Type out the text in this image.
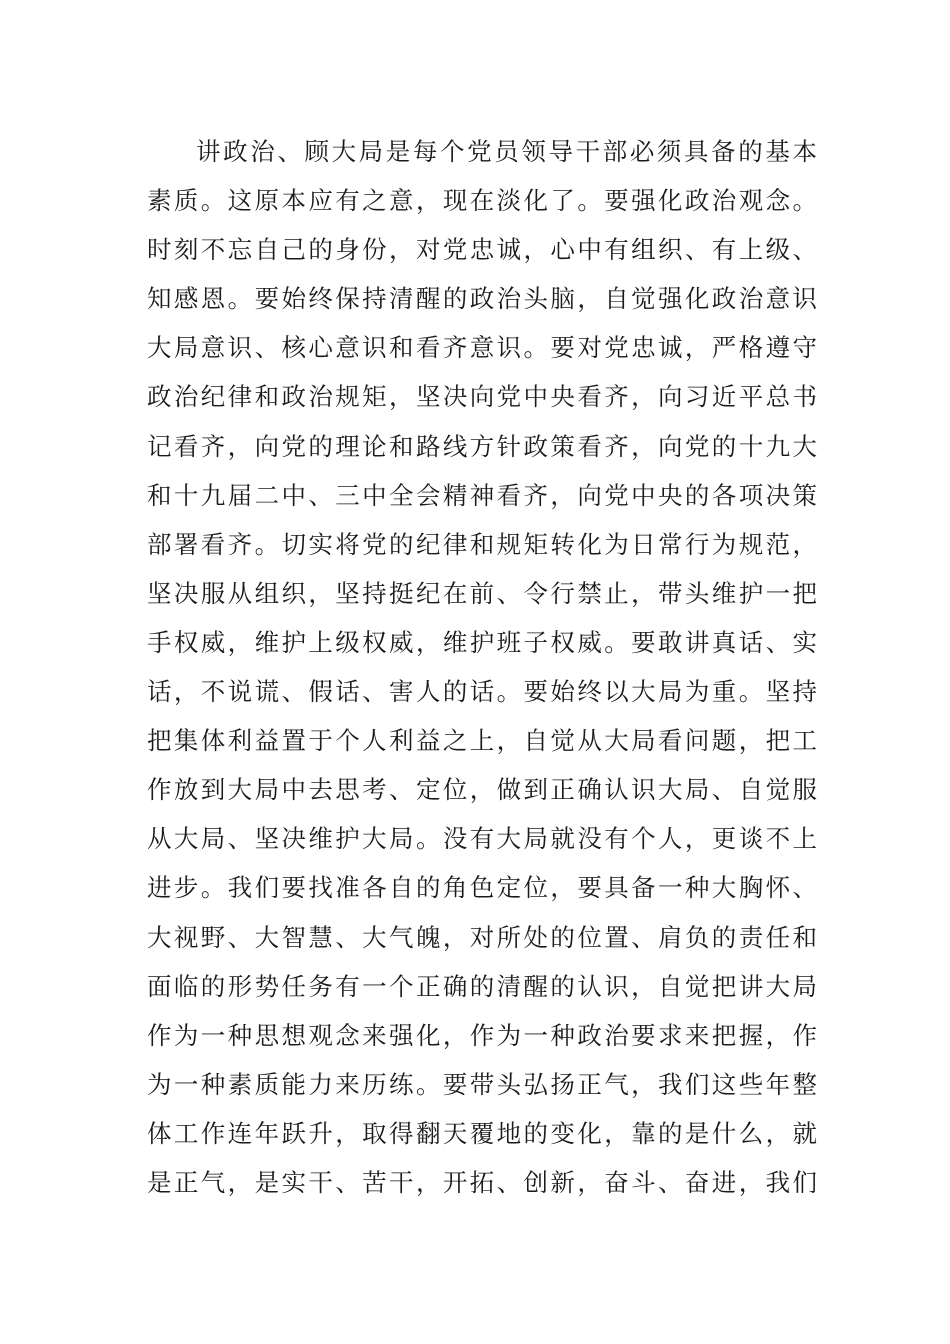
讲政治、顾大局是每个党员领导干部必须具备的基本
素质。这原本应有之意，现在淡化了。要强化政治观念。
时刻不忘自己的身份，对党忠诚，心中有组织、有上级、
知感恩。要始终保持清醒的政治头脑，自觉强化政治意识
大局意识、核心意识和看齐意识。要对党忠诚，严格遵守
政治纪律和政治规矩，坚决向党中央看齐，向习近平总书
记看齐，向党的理论和路线方针政策看齐，向党的十九大
和十九届二中、三中全会精神看齐，向党中央的各项决策
部署看齐。切实将党的纪律和规矩转化为日常行为规范，
坚决服从组织，坚持挺纪在前、令行禁止，带头维护一把
手权威，维护上级权威，维护班子权威。要敢讲真话、实
话，不说谎、假话、害人的话。要始终以大局为重。坚持
把集体利益置于个人利益之上，自觉从大局看问题，把工
作放到大局中去思考、定位，做到正确认识大局、自觉服
从大局、坚决维护大局。没有大局就没有个人，更谈不上
进步。我们要找准各自的角色定位，要具备一种大胸怀、
大视野、大智慧、大气魄，对所处的位置、肩负的责任和
面临的形势任务有一个正确的清醒的认识，自觉把讲大局
作为一种思想观念来强化，作为一种政治要求来把握，作
为一种素质能力来历练。要带头弘扬正气，我们这些年整
体工作连年跃升，取得翻天覆地的变化，靠的是什么，就
是正气，是实干、苦干，开拓、创新，奋斗、奋进，我们
